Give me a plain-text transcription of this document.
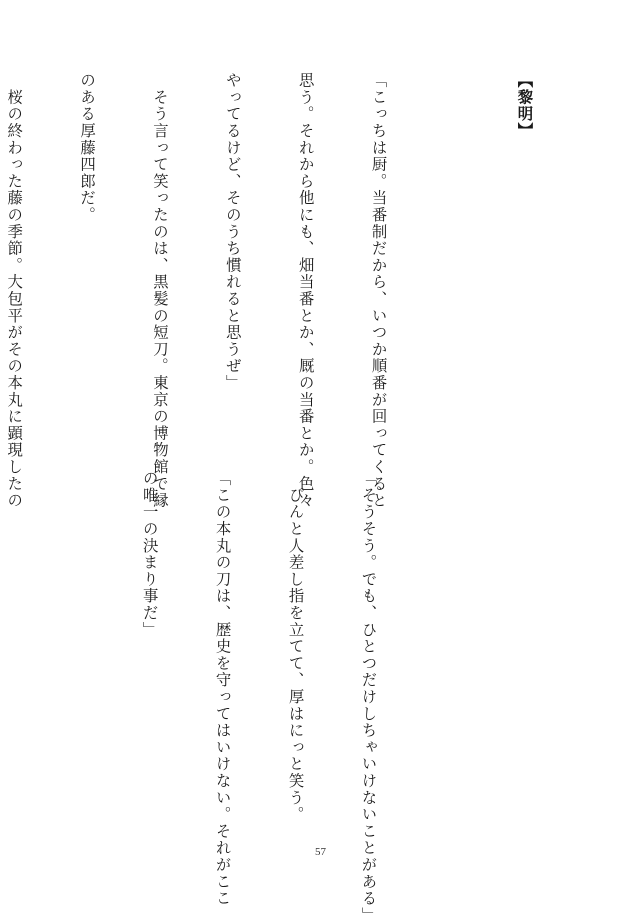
【黎明】

「こっちは厨。当番制だから、いつか順番が回ってくると

思う。それから他にも、畑当番とか、厩の当番とか。色々

やってるけど、そのうち慣れると思うぜ」

　そう言って笑ったのは、黒髪の短刀。東京の博物館で縁

のある厚藤四郎だ。

　桜の終わった藤の季節。大包平がその本丸に顕現したの

「そうそう。でも、ひとつだけしちゃいけないことがある」

　ぴんと人差し指を立てて、厚はにっと笑う。

「この本丸の刀は、歴史を守ってはいけない。それがここ

の唯一の決まり事だ」

57
